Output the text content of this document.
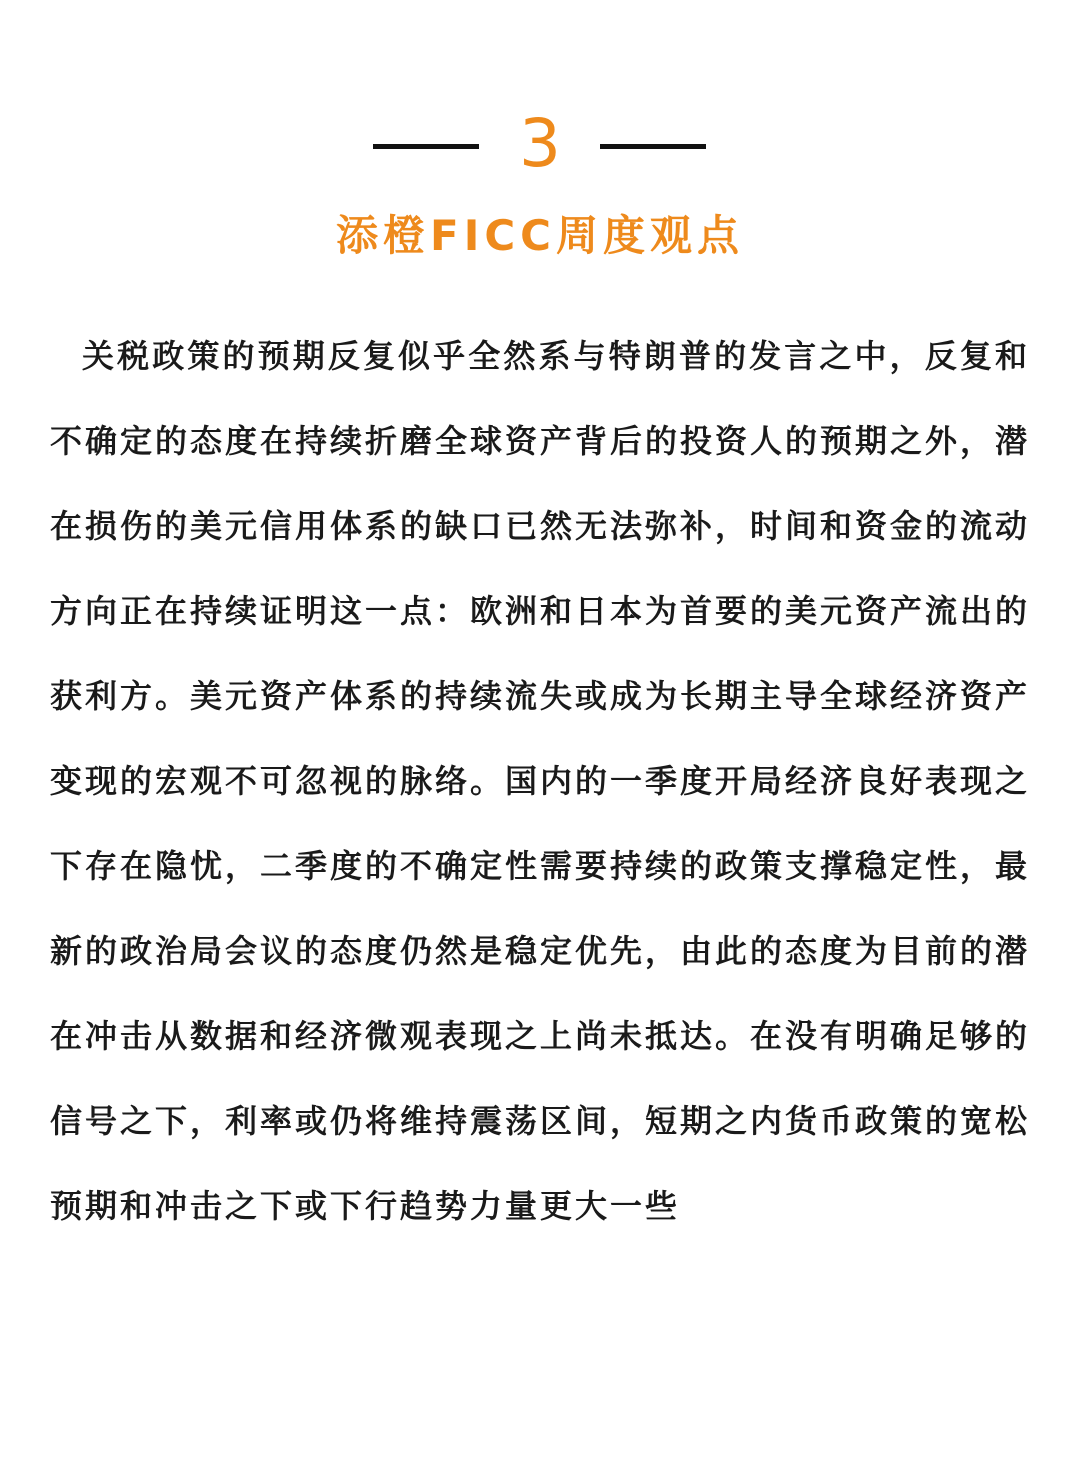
3
添橙FICC周度观点

关税政策的预期反复似乎全然系与特朗普的发言之中，反复和不确定的态度在持续折磨全球资产背后的投资人的预期之外，潜在损伤的美元信用体系的缺口已然无法弥补，时间和资金的流动方向正在持续证明这一点：欧洲和日本为首要的美元资产流出的获利方。美元资产体系的持续流失或成为长期主导全球经济资产变现的宏观不可忽视的脉络。国内的一季度开局经济良好表现之下存在隐忧，二季度的不确定性需要持续的政策支撑稳定性，最新的政治局会议的态度仍然是稳定优先，由此的态度为目前的潜在冲击从数据和经济微观表现之上尚未抵达。在没有明确足够的信号之下，利率或仍将维持震荡区间，短期之内货币政策的宽松预期和冲击之下或下行趋势力量更大一些
